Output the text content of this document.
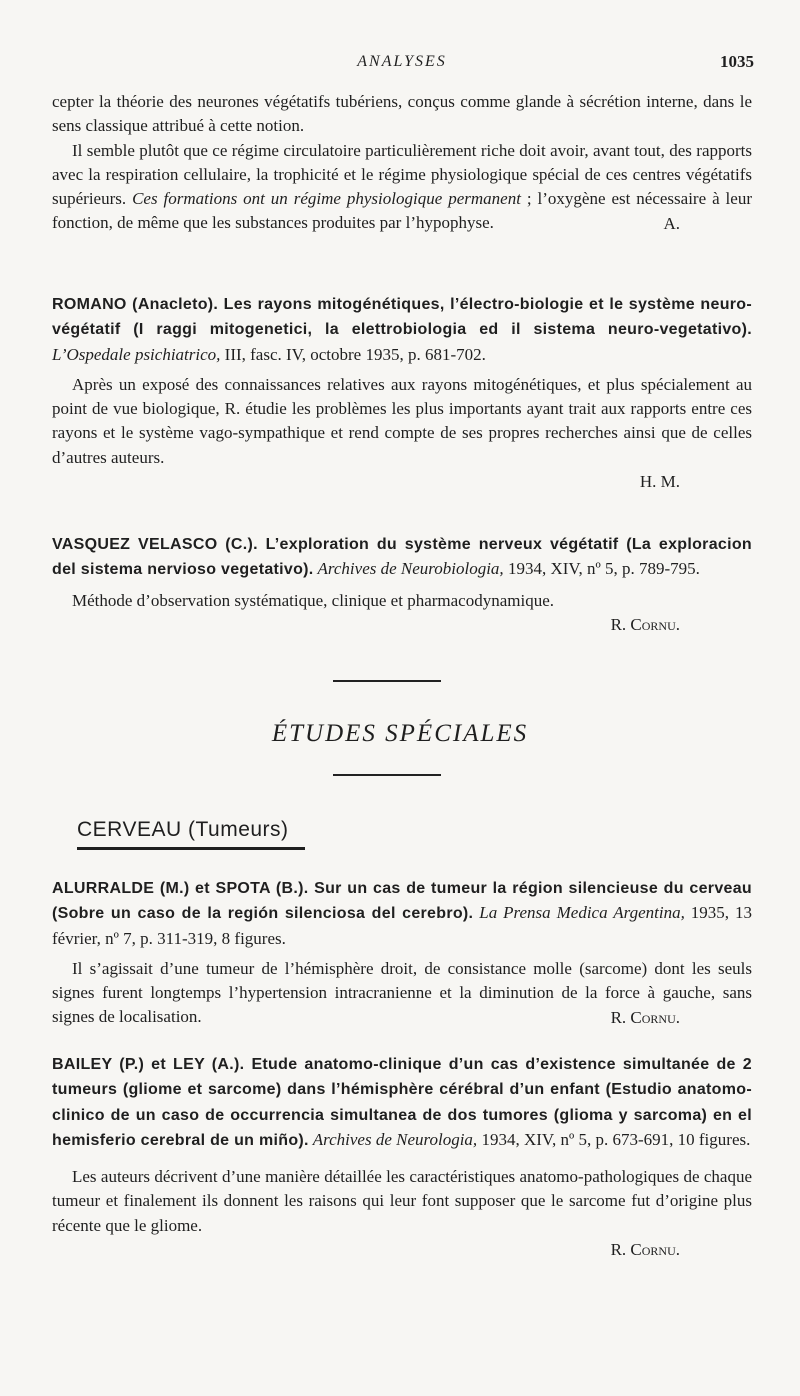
ANALYSES	1035

cepter la théorie des neurones végétatifs tubériens, conçus comme glande à sécrétion interne, dans le sens classique attribué à cette notion.

Il semble plutôt que ce régime circulatoire particulièrement riche doit avoir, avant tout, des rapports avec la respiration cellulaire, la trophicité et le régime physiologique spécial de ces centres végétatifs supérieurs. Ces formations ont un régime physiologique permanent ; l’oxygène est nécessaire à leur fonction, de même que les substances produites par l’hypophyse.	A.

ROMANO (Anacleto). Les rayons mitogénétiques, l’électro-biologie et le système neuro-végétatif (I raggi mitogenetici, la elettrobiologia ed il sistema neuro-vegetativo). L’Ospedale psichiatrico, III, fasc. IV, octobre 1935, p. 681-702.

Après un exposé des connaissances relatives aux rayons mitogénétiques, et plus spécialement au point de vue biologique, R. étudie les problèmes les plus importants ayant trait aux rapports entre ces rayons et le système vago-sympathique et rend compte de ses propres recherches ainsi que de celles d’autres auteurs.

H. M.

VASQUEZ VELASCO (C.). L’exploration du système nerveux végétatif (La exploracion del sistema nervioso vegetativo). Archives de Neurobiologia, 1934, XIV, nº 5, p. 789-795.

Méthode d’observation systématique, clinique et pharmacodynamique.

R. Cornu.

ÉTUDES SPÉCIALES
CERVEAU (Tumeurs)

ALURRALDE (M.) et SPOTA (B.). Sur un cas de tumeur la région silencieuse du cerveau (Sobre un caso de la región silenciosa del cerebro). La Prensa Medica Argentina, 1935, 13 février, nº 7, p. 311-319, 8 figures.

Il s’agissait d’une tumeur de l’hémisphère droit, de consistance molle (sarcome) dont les seuls signes furent longtemps l’hypertension intracranienne et la diminution de la force à gauche, sans signes de localisation.	R. Cornu.

BAILEY (P.) et LEY (A.). Etude anatomo-clinique d’un cas d’existence simultanée de 2 tumeurs (gliome et sarcome) dans l’hémisphère cérébral d’un enfant (Estudio anatomo-clinico de un caso de occurrencia simultanea de dos tumores (glioma y sarcoma) en el hemisferio cerebral de un miño). Archives de Neurologia, 1934, XIV, nº 5, p. 673-691, 10 figures.

Les auteurs décrivent d’une manière détaillée les caractéristiques anatomo-pathologiques de chaque tumeur et finalement ils donnent les raisons qui leur font supposer que le sarcome fut d’origine plus récente que le gliome.

R. Cornu.
